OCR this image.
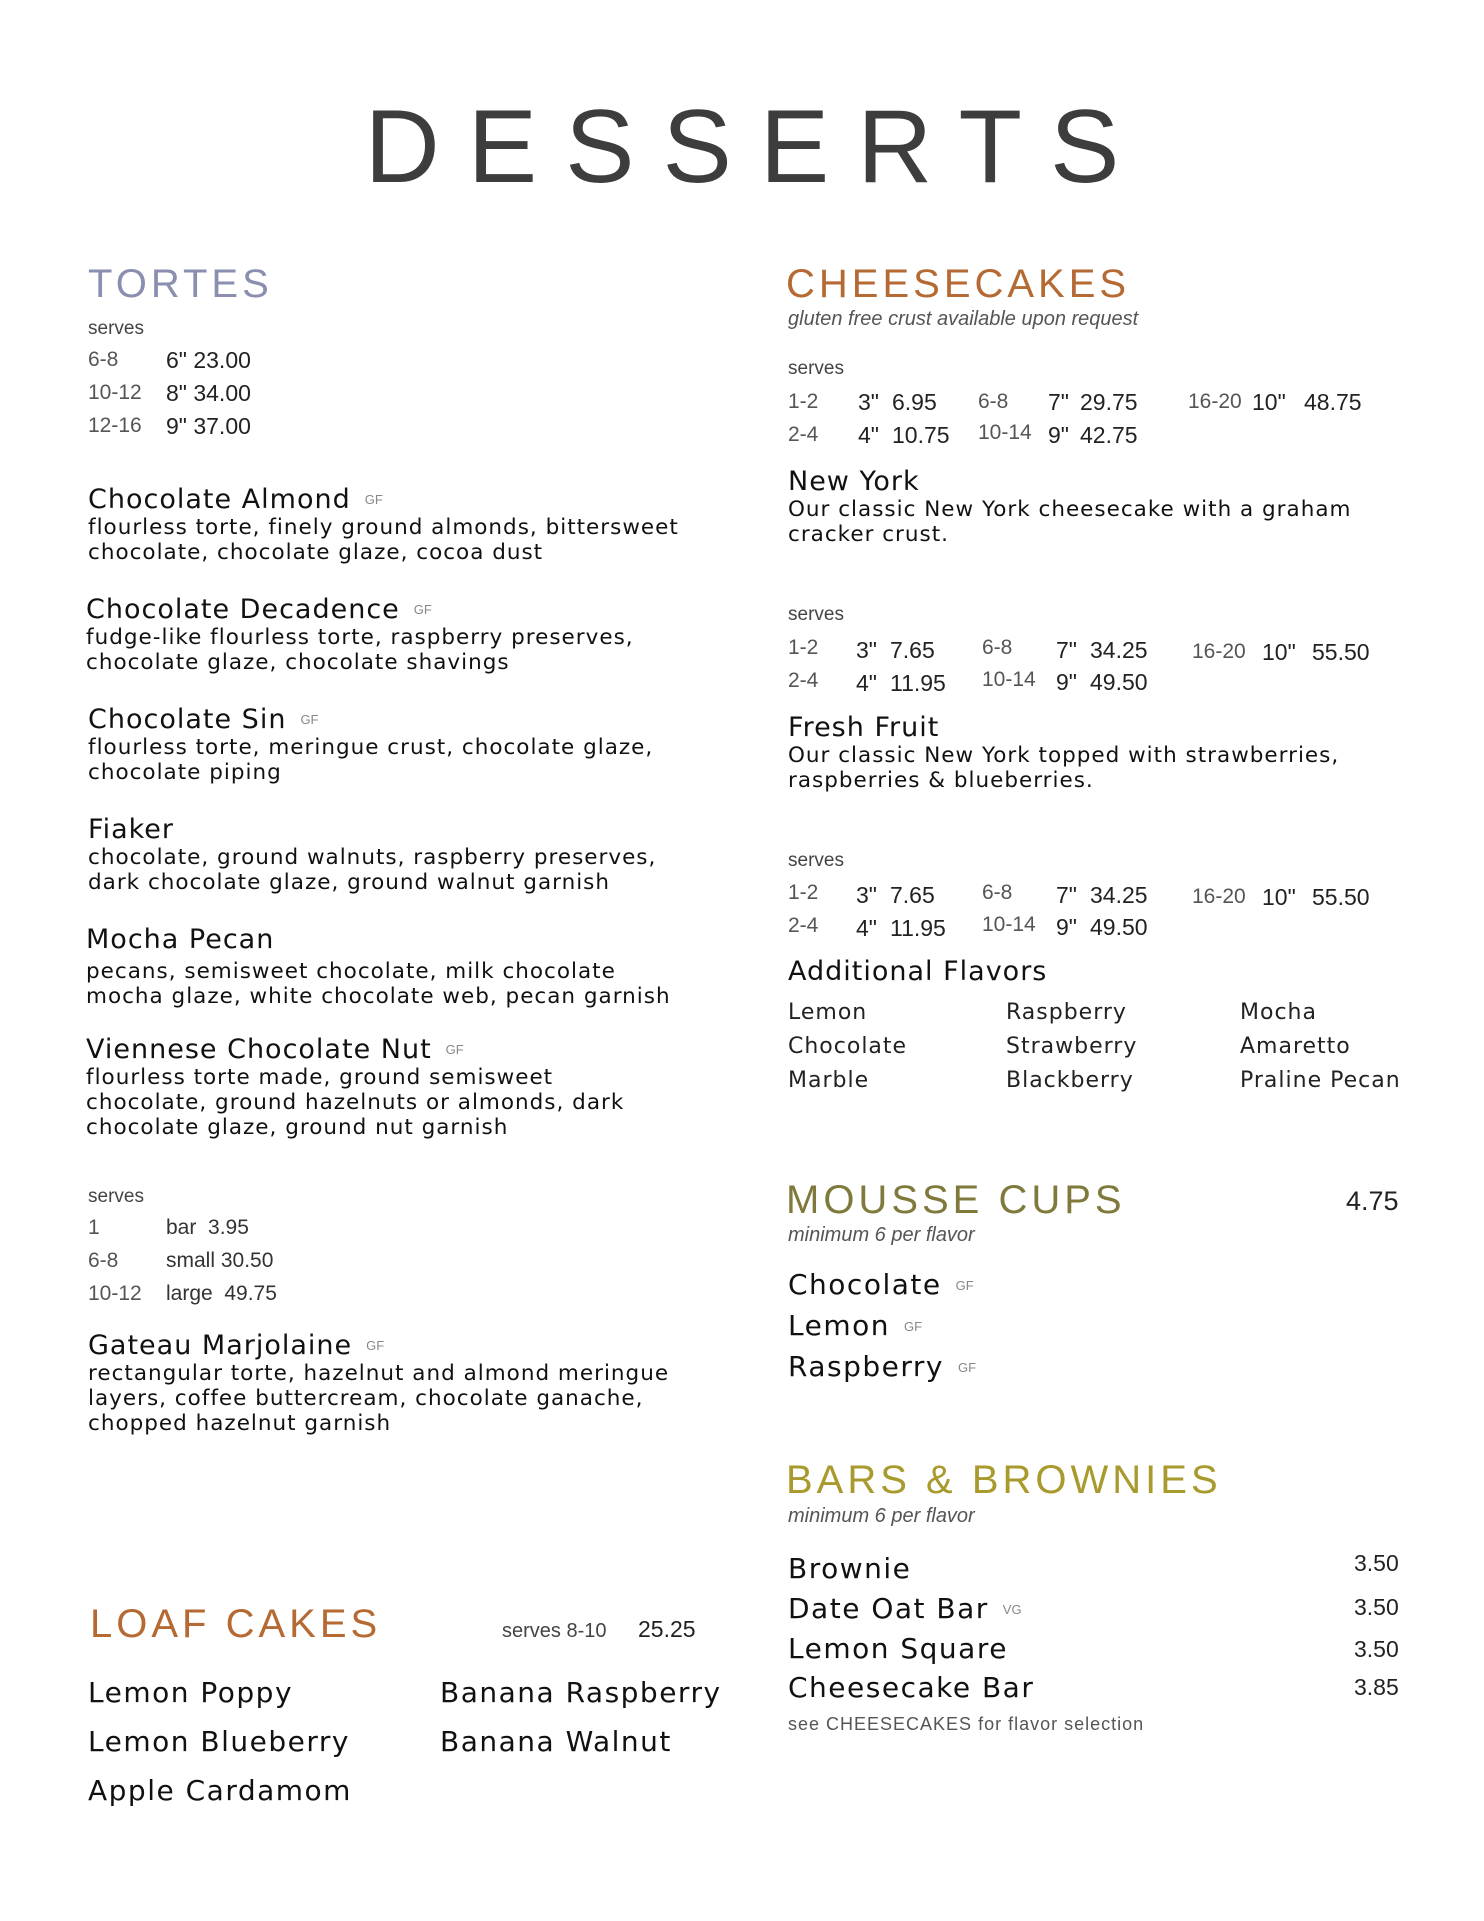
DESSERTS
TORTES
serves
6-8 6" 23.00
10-12 8" 34.00
12-16 9" 37.00
Chocolate Almond GF
flourless torte, finely ground almonds, bittersweet
chocolate, chocolate glaze, cocoa dust
Chocolate Decadence GF
fudge-like flourless torte, raspberry preserves,
chocolate glaze, chocolate shavings
Chocolate Sin GF
flourless torte, meringue crust, chocolate glaze,
chocolate piping
Fiaker
chocolate, ground walnuts, raspberry preserves,
dark chocolate glaze, ground walnut garnish
Mocha Pecan
pecans, semisweet chocolate, milk chocolate
mocha glaze, white chocolate web, pecan garnish
Viennese Chocolate Nut GF
flourless torte made, ground semisweet
chocolate, ground hazelnuts or almonds, dark
chocolate glaze, ground nut garnish
serves
1	bar  3.95
6-8 small 30.50
10-12 large  49.75
Gateau Marjolaine GF
rectangular torte, hazelnut and almond meringue
layers, coffee buttercream, chocolate ganache,
chopped hazelnut garnish
LOAF CAKES	serves 8-10 25.25
Lemon Poppy
Lemon Blueberry
Apple Cardamom
Banana Raspberry
Banana Walnut
CHEESECAKES
gluten free crust available upon request
serves
1-2 3" 6.95 6-8 7" 29.75 16-20 10" 48.75
2-4 4" 10.75 10-14 9" 42.75
New York
Our classic New York cheesecake with a graham
cracker crust.
serves
1-2 3" 7.65 6-8 7" 34.25 16-20 10" 55.50
2-4 4" 11.95 10-14 9" 49.50
Fresh Fruit
Our classic New York topped with strawberries,
raspberries & blueberries.
serves
1-2 3" 7.65 6-8 7" 34.25 16-20 10" 55.50
2-4 4" 11.95 10-14 9" 49.50
Additional Flavors
Lemon	Raspberry	Mocha
Chocolate	Strawberry	Amaretto
Marble	Blackberry	Praline Pecan
MOUSSE CUPS	4.75
minimum 6 per flavor
Chocolate GF
Lemon GF
Raspberry GF
BARS & BROWNIES
minimum 6 per flavor
Brownie	3.50
Date Oat Bar VG	3.50
Lemon Square	3.50
Cheesecake Bar	3.85
see CHEESECAKES for flavor selection
